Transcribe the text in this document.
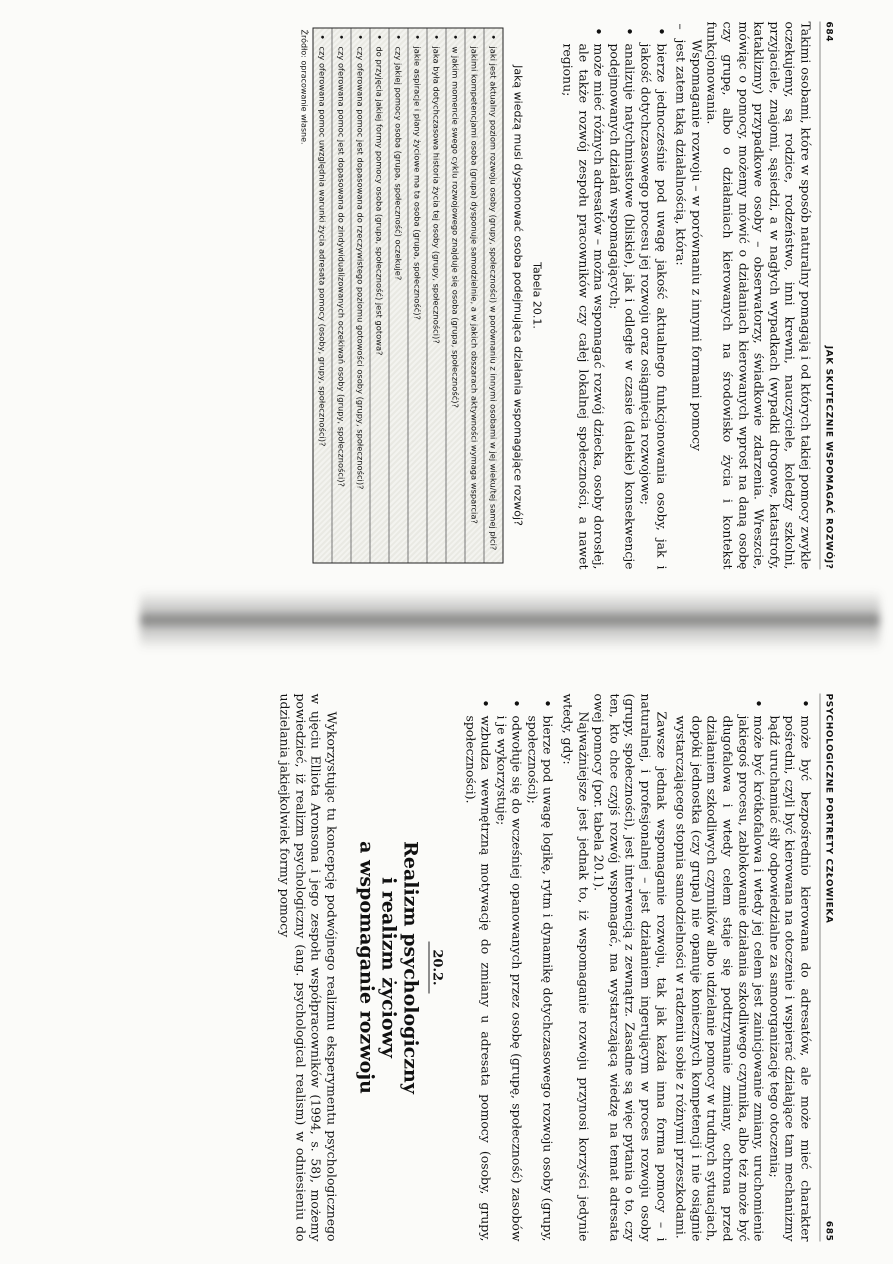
684
JAK SKUTECZNIE WSPOMAGAĆ ROZWÓJ?

Takimi osobami, które w sposób naturalny pomagają i od których takiej pomocy zwykle oczekujemy, są rodzice, rodzeństwo, inni krewni, nauczyciele, koledzy szkolni, przyjaciele, znajomi, sąsiedzi, a w nagłych wypadkach (wypadki drogowe, katastrofy, kataklizmy) przypadkowe osoby – obserwatorzy, świadkowie zdarzenia. Wreszcie, mówiąc o pomocy, możemy mówić o działaniach kierowanych wprost na daną osobę czy grupę, albo o działaniach kierowanych na środowisko życia i kontekst funkcjonowania.

Wspomaganie rozwoju – w porównaniu z innymi formami pomocy

– jest zatem taką działalnością, która:
• bierze jednocześnie pod uwagę jakość aktualnego funkcjonowania osoby, jak i jakość dotychczasowego procesu jej rozwoju oraz osiągnięcia rozwojowe;
• analizuje natychmiastowe (bliskie), jak i odległe w czasie (dalekie) konsekwencje podejmowanych działań wspomagających;
• może mieć różnych adresatów – można wspomagać rozwój dziecka, osoby dorosłej, ale także rozwój zespołu pracowników czy całej lokalnej społeczności, a nawet regionu;
Tabela 20.1.
Jaką wiedzą musi dysponować osoba podejmująca działania wspomagające rozwój?
• jaki jest aktualny poziom rozwoju osoby (grupy, społeczności) w porównaniu z innymi osobami w jej wieku/tej samej płci?
• jakimi kompetencjami osoba (grupa) dysponuje samodzielnie, a w jakich obszarach aktywności wymaga wsparcia?
• w jakim momencie swego cyklu rozwojowego znajduje się osoba (grupa, społeczność)?
• jaka była dotychczasowa historia życia tej osoby (grupy, społeczności)?
• jakie aspiracje i plany życiowe ma ta osoba (grupa, społeczność)?
• czy jakiej pomocy osoba (grupa, społeczność) oczekuje?
• do przyjęcia jakiej formy pomocy osoba (grupa, społeczność) jest gotowa?
• czy oferowana pomoc jest dopasowana do rzeczywistego poziomu gotowości osoby (grupy, społeczności)?
• czy oferowana pomoc jest dopasowana do zindywidualizowanych oczekiwań osoby (grupy, społeczności)?
• czy oferowana pomoc uwzględnia warunki życia adresata pomocy (osoby, grupy, społeczności)?
Źródło: opracowanie własne.
PSYCHOLOGICZNE PORTRETY CZŁOWIEKA
685
• może być bezpośrednio kierowana do adresatów, ale może mieć charakter pośredni, czyli być kierowana na otoczenie i wspierać działające tam mechanizmy bądź uruchamiać siły odpowiedzialne za samoorganizację tego otoczenia;
• może być krótkofalowa i wtedy jej celem jest zainicjowanie zmiany, uruchomienie jakiegoś procesu, zablokowanie działania szkodliwego czynnika, albo też może być długofalowa i wtedy celem staje się podtrzymanie zmiany, ochrona przed działaniem szkodliwych czynników albo udzielanie pomocy w trudnych sytuacjach, dopóki jednostka (czy grupa) nie opanuje koniecznych kompetencji i nie osiągnie wystarczającego stopnia samodzielności w radzeniu sobie z różnymi przeszkodami.

Zawsze jednak wspomaganie rozwoju, tak jak każda inna forma pomocy – i naturalnej, i profesjonalnej – jest działaniem ingerującym w proces rozwoju osoby (grupy, społeczności), jest interwencją z zewnątrz. Zasadne są więc pytania o to, czy ten, kto chce czyjś rozwój wspomagać, ma wystarczającą wiedzę na temat adresata owej pomocy (por. tabela 20.1).

Najważniejsze jest jednak to, iż wspomaganie rozwoju przynosi korzyści jedynie wtedy, gdy:

• bierze pod uwagę logikę, rytm i dynamikę dotychczasowego rozwoju osoby (grupy, społeczności);
• odwołuje się do wcześniej opanowanych przez osobę (grupę, społeczność) zasobów i je wykorzystuje;
• wzbudza wewnętrzną motywację do zmiany u adresata pomocy (osoby, grupy, społeczności).
20.2.
Realizm psychologiczny
i realizm życiowy
a wspomaganie rozwoju

Wykorzystując tu koncepcję podwójnego realizmu eksperymentu psychologicznego w ujęciu Elliota Aronsona i jego zespołu współpracowników (1994, s. 58), możemy powiedzieć, iż realizm psychologiczny (ang. psychological realism) w odniesieniu do udzielania jakiejkolwiek formy pomocy
